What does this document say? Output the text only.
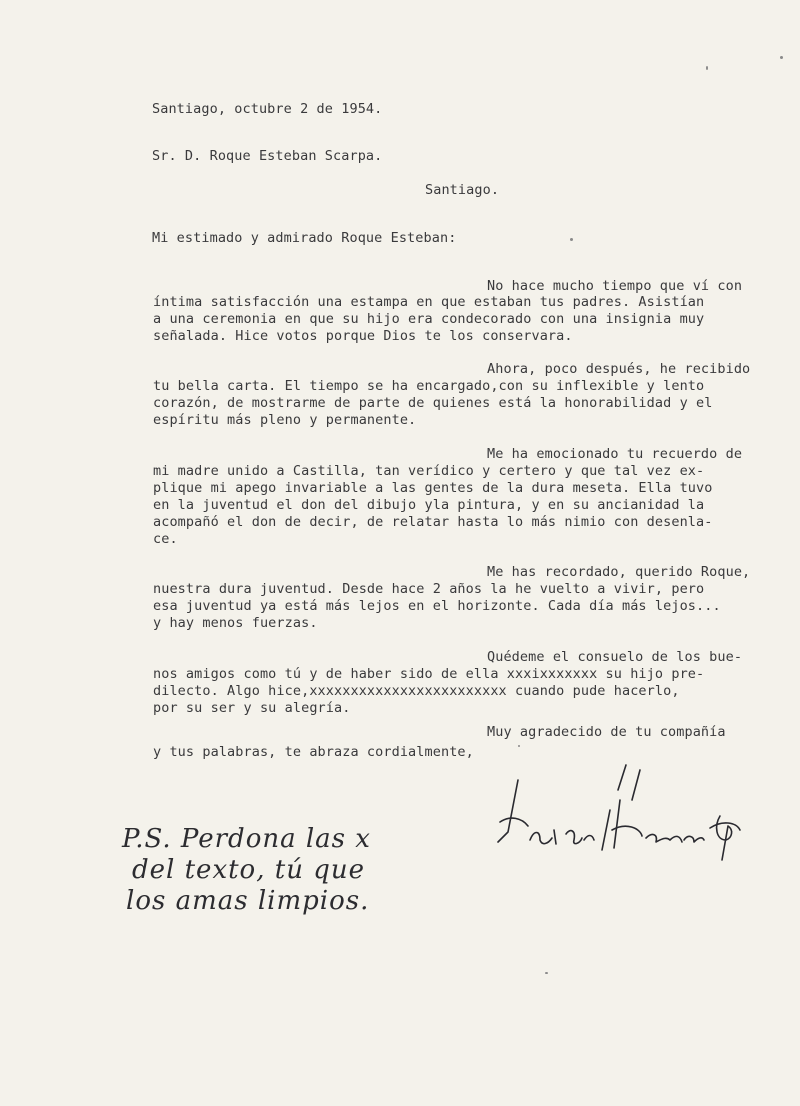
Santiago, octubre 2 de 1954.
Sr. D. Roque Esteban Scarpa.
Santiago.
Mi estimado y admirado Roque Esteban:
No hace mucho tiempo que ví con
íntima satisfacción una estampa en que estaban tus padres. Asistían
a una ceremonia en que su hijo era condecorado con una insignia muy
señalada. Hice votos porque Dios te los conservara.
Ahora, poco después, he recibido
tu bella carta. El tiempo se ha encargado,con su inflexible y lento
corazón, de mostrarme de parte de quienes está la honorabilidad y el
espíritu más pleno y permanente.
Me ha emocionado tu recuerdo de
mi madre unido a Castilla, tan verídico y certero y que tal vez ex-
plique mi apego invariable a las gentes de la dura meseta. Ella tuvo
en la juventud el don del dibujo yla pintura, y en su ancianidad la
acompañó el don de decir, de relatar hasta lo más nimio con desenla-
ce.
Me has recordado, querido Roque,
nuestra dura juventud. Desde hace 2 años la he vuelto a vivir, pero
esa juventud ya está más lejos en el horizonte. Cada día más lejos...
y hay menos fuerzas.
Quédeme el consuelo de los bue-
nos amigos como tú y de haber sido de ella xxxixxxxxxx su hijo pre-
dilecto. Algo hice,xxxxxxxxxxxxxxxxxxxxxxxx cuando pude hacerlo,
por su ser y su alegría.
Muy agradecido de tu compañía
y tus palabras, te abraza cordialmente,
P.S. Perdona las x
del texto, tú que
los amas limpios.
